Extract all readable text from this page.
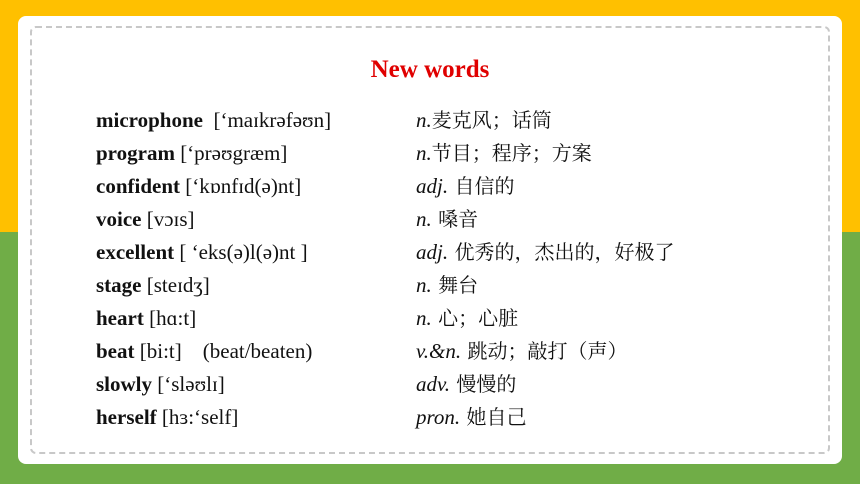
New words
microphone  [‘maɪkrəfəʊn]	n.麦克风；话筒
program [‘prəʊgræm]	n.节目；程序；方案
confident [‘kɒnfɪd(ə)nt]	adj. 自信的
voice [vɔɪs]	n. 嗓音
excellent [ ‘eks(ə)l(ə)nt ]	adj. 优秀的，杰出的，好极了
stage [steɪdʒ]	n. 舞台
heart [hɑ:t]	n. 心；心脏
beat [bi:t]    (beat/beaten)	v.&n. 跳动；敲打（声）
slowly [‘sləʊlɪ]	adv. 慢慢的
herself [hɜ:‘self]	pron. 她自己
